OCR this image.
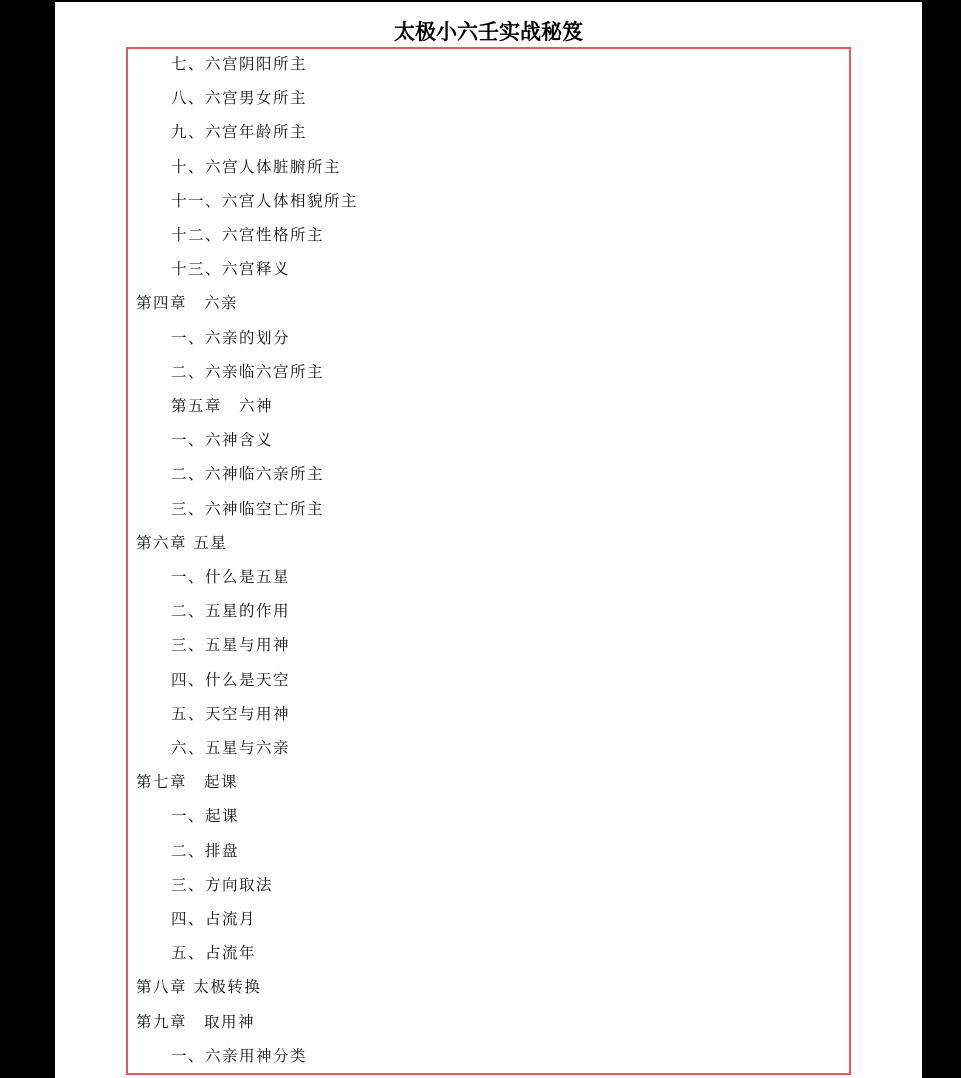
太极小六壬实战秘笈
七、六宫阴阳所主
八、六宫男女所主
九、六宫年龄所主
十、六宫人体脏腑所主
十一、六宫人体相貌所主
十二、六宫性格所主
十三、六宫释义
第四章　六亲
一、六亲的划分
二、六亲临六宫所主
第五章　六神
一、六神含义
二、六神临六亲所主
三、六神临空亡所主
第六章 五星
一、什么是五星
二、五星的作用
三、五星与用神
四、什么是天空
五、天空与用神
六、五星与六亲
第七章　起课
一、起课
二、排盘
三、方向取法
四、占流月
五、占流年
第八章 太极转换
第九章　取用神
一、六亲用神分类
